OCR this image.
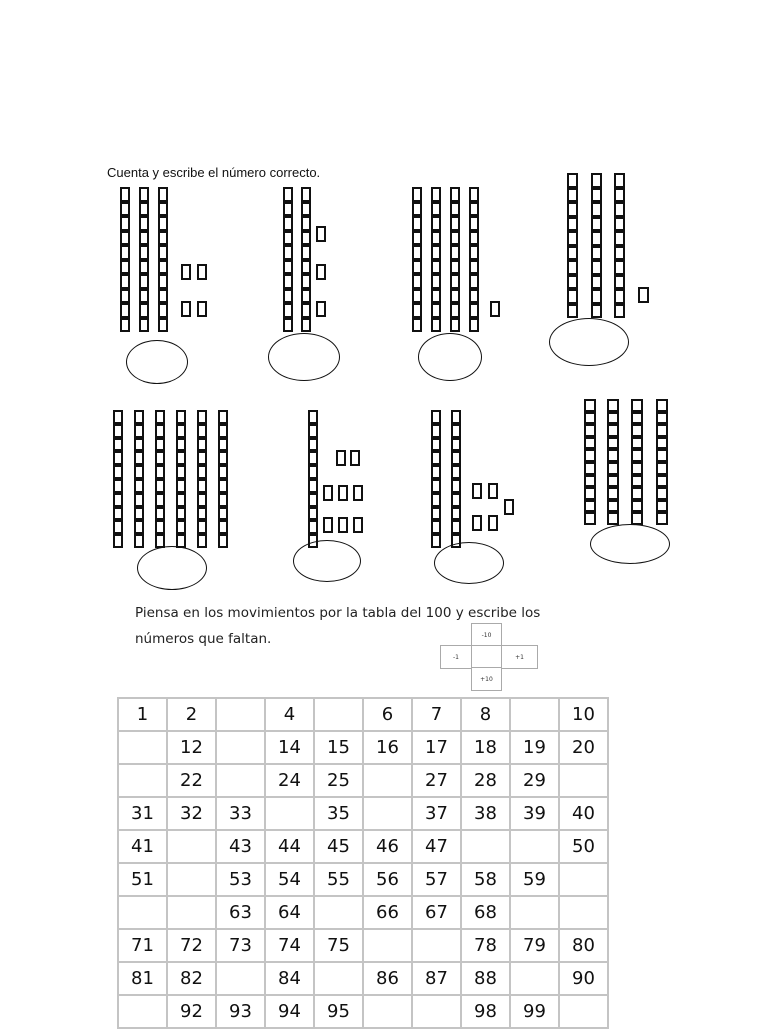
Cuenta y escribe el número correcto.
Piensa en los movimientos por la tabla del 100 y escribe los
números que faltan.	-10
-1	+1
+10
1	2		4		6	7	8		10
	12		14	15	16	17	18	19	20
	22		24	25		27	28	29	
31	32	33		35		37	38	39	40
41		43	44	45	46	47			50
51		53	54	55	56	57	58	59	
		63	64		66	67	68		
71	72	73	74	75			78	79	80
81	82		84		86	87	88		90
	92	93	94	95			98	99	
